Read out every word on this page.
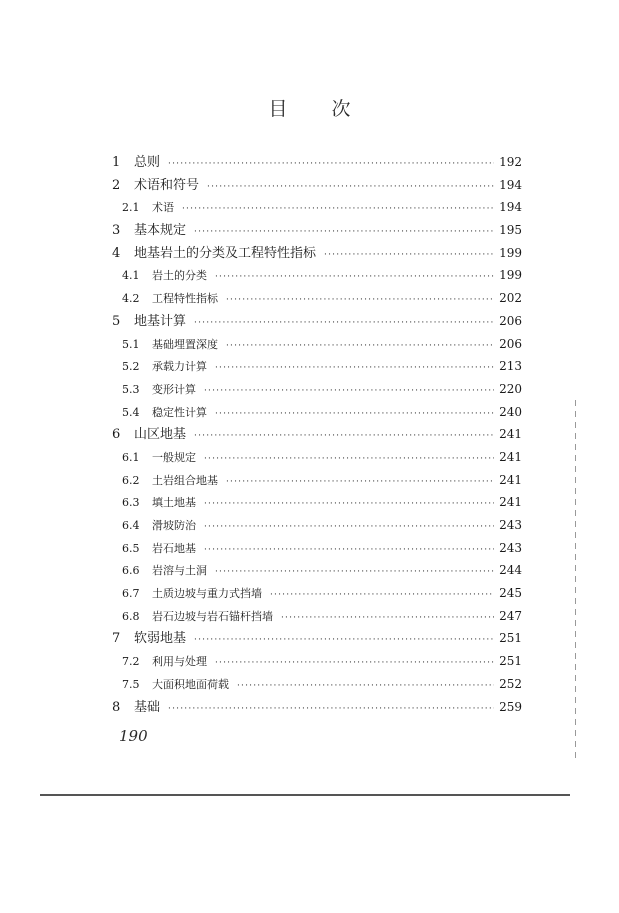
目 次
1	总则 ·····	192
2	术语和符号 ·····	194
2.1	术语 ·····	194
3	基本规定 ·····	195
4	地基岩土的分类及工程特性指标 ·····	199
4.1	岩土的分类 ·····	199
4.2	工程特性指标 ·····	202
5	地基计算 ·····	206
5.1	基础埋置深度 ·····	206
5.2	承载力计算 ·····	213
5.3	变形计算 ·····	220
5.4	稳定性计算 ·····	240
6	山区地基 ·····	241
6.1	一般规定 ·····	241
6.2	土岩组合地基 ·····	241
6.3	填土地基 ·····	241
6.4	滑坡防治 ·····	243
6.5	岩石地基 ·····	243
6.6	岩溶与土洞 ·····	244
6.7	土质边坡与重力式挡墙 ·····	245
6.8	岩石边坡与岩石锚杆挡墙 ·····	247
7	软弱地基 ·····	251
7.2	利用与处理 ·····	251
7.5	大面积地面荷载 ·····	252
8	基础 ·····	259
190
